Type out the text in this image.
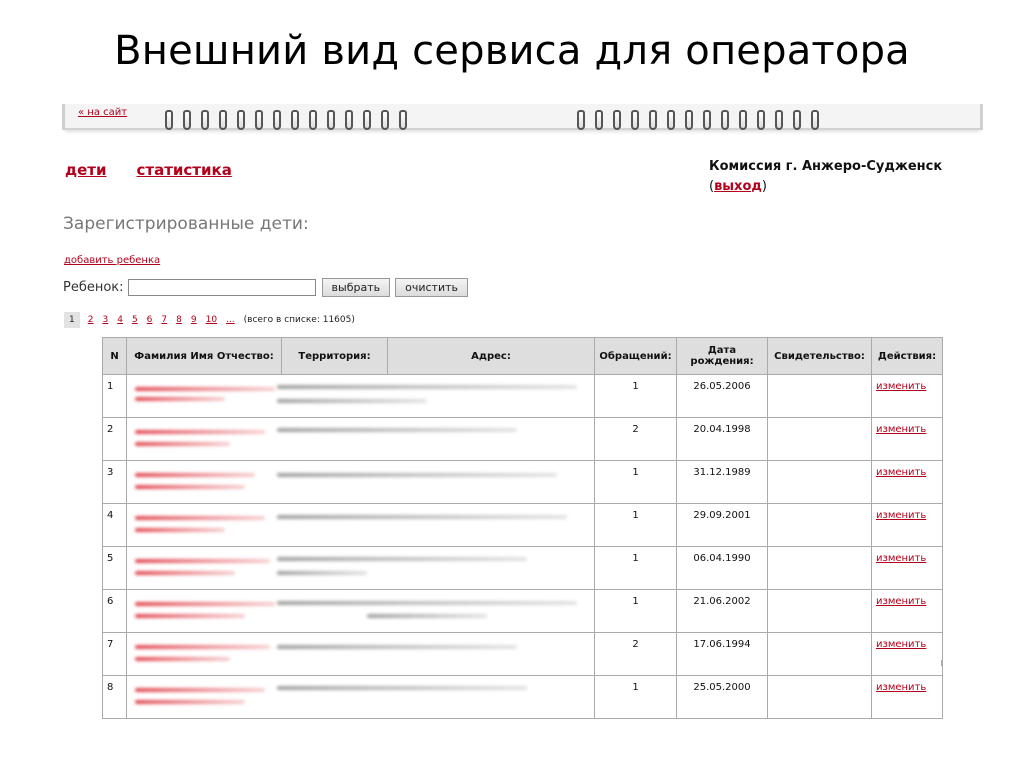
Внешний вид сервиса для оператора
« на сайт
дети статистика	Комиссия г. Анжеро-Судженск
(выход)
Зарегистрированные дети:
добавить ребенка
Ребенок:	выбрать	очистить
1	2 3 4 5 6 7 8 9 10 ... (всего в списке: 11605)
N	Фамилия Имя Отчество:	Территория:	Адрес:	Обращений:	Дата рождения:	Свидетельство:	Действия:
1				1	26.05.2006		изменить
2				2	20.04.1998		изменить
3				1	31.12.1989		изменить
4				1	29.09.2001		изменить
5				1	06.04.1990		изменить
6				1	21.06.2002		изменить
7				2	17.06.1994		изменить
8				1	25.05.2000		изменить
